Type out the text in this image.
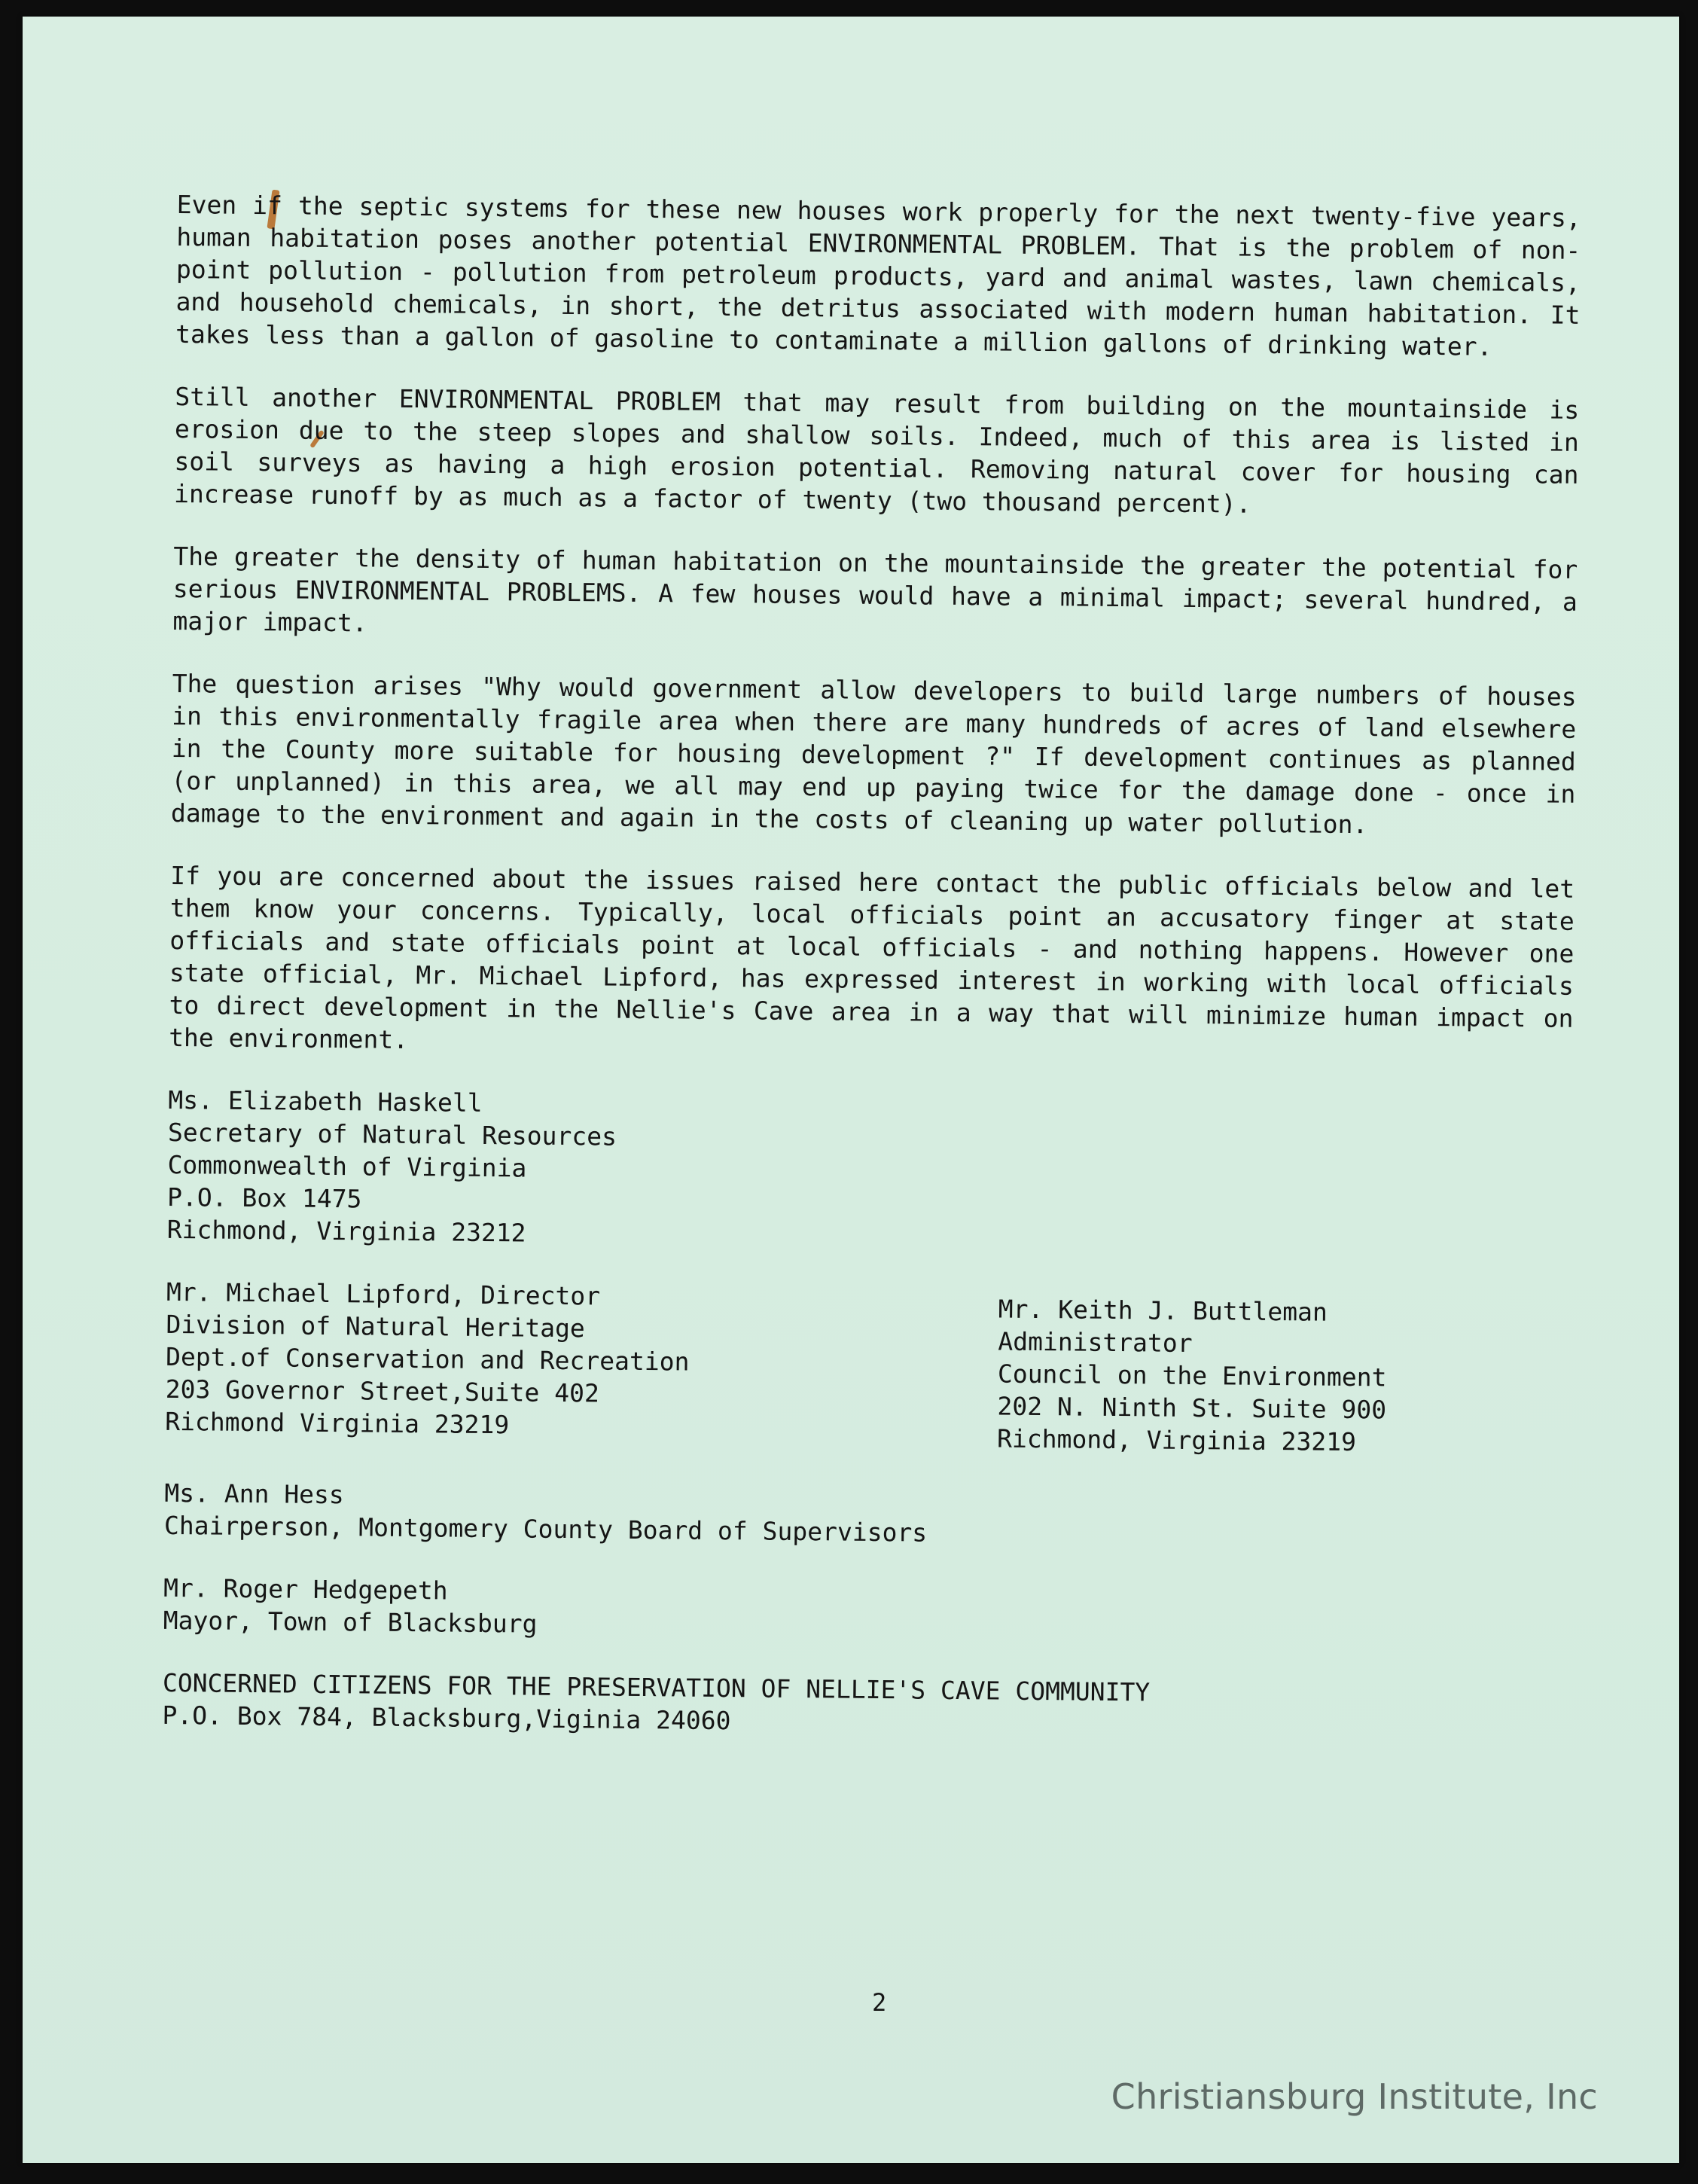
Even if the septic systems for these new houses work properly for the next twenty-five years, human habitation poses another potential ENVIRONMENTAL PROBLEM. That is the problem of non-point pollution - pollution from petroleum products, yard and animal wastes, lawn chemicals, and household chemicals, in short, the detritus associated with modern human habitation. It takes less than a gallon of gasoline to contaminate a million gallons of drinking water.

Still another ENVIRONMENTAL PROBLEM that may result from building on the mountainside is erosion due to the steep slopes and shallow soils. Indeed, much of this area is listed in soil surveys as having a high erosion potential. Removing natural cover for housing can increase runoff by as much as a factor of twenty (two thousand percent).

The greater the density of human habitation on the mountainside the greater the potential for serious ENVIRONMENTAL PROBLEMS. A few houses would have a minimal impact; several hundred, a major impact.

The question arises "Why would government allow developers to build large numbers of houses in this environmentally fragile area when there are many hundreds of acres of land elsewhere in the County more suitable for housing development ?" If development continues as planned (or unplanned) in this area, we all may end up paying twice for the damage done - once in damage to the environment and again in the costs of cleaning up water pollution.

If you are concerned about the issues raised here contact the public officials below and let them know your concerns. Typically, local officials point an accusatory finger at state officials and state officials point at local officials - and nothing happens. However one state official, Mr. Michael Lipford, has expressed interest in working with local officials to direct development in the Nellie's Cave area in a way that will minimize human impact on the environment.

Ms. Elizabeth Haskell
Secretary of Natural Resources
Commonwealth of Virginia
P.O. Box 1475
Richmond, Virginia 23212
Mr. Michael Lipford, Director
Division of Natural Heritage
Dept.of Conservation and Recreation
203 Governor Street,Suite 402
Richmond Virginia 23219
Mr. Keith J. Buttleman
Administrator
Council on the Environment
202 N. Ninth St. Suite 900
Richmond, Virginia 23219
Ms. Ann Hess
Chairperson, Montgomery County Board of Supervisors
Mr. Roger Hedgepeth
Mayor, Town of Blacksburg
CONCERNED CITIZENS FOR THE PRESERVATION OF NELLIE'S CAVE COMMUNITY
P.O. Box 784, Blacksburg,Viginia 24060
2
Christiansburg Institute, Inc
